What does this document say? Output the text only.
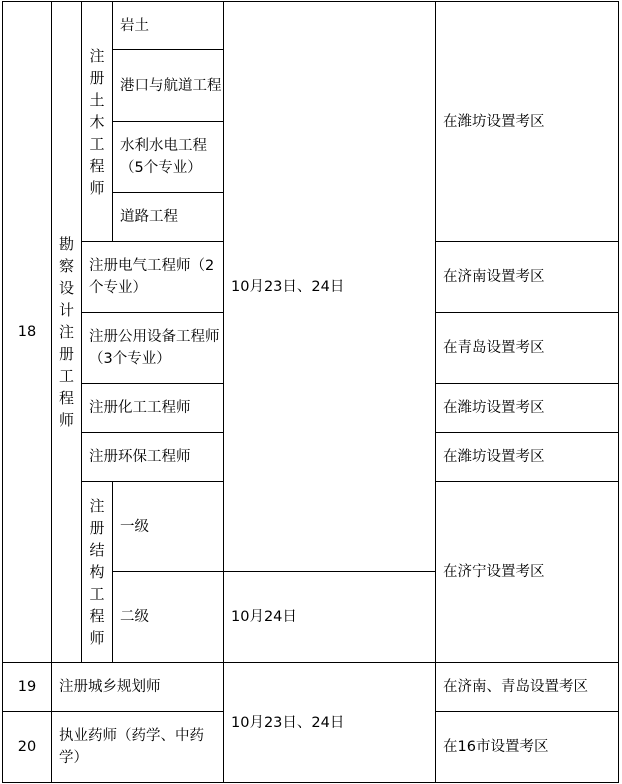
18
19
20
勘
察
设
计
注
册
工
程
师
注
册
土
木
工
程
师
岩土
港口与航道工程
水利水电工程（5个专业）
道路工程
注册电气工程师（2个专业）
注册公用设备工程师（3个专业）
注册化工工程师
注册环保工程师
注
册
结
构
工
程
师
一级
二级
注册城乡规划师
执业药师（药学、中药学）
10月23日、24日
10月24日
10月23日、24日
在潍坊设置考区
在济南设置考区
在青岛设置考区
在潍坊设置考区
在潍坊设置考区
在济宁设置考区
在济南、青岛设置考区
在16市设置考区
